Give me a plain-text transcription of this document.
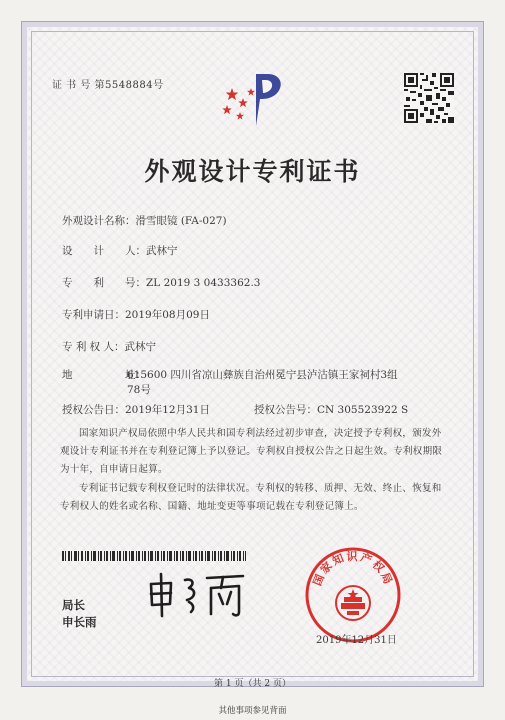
证 书 号 第5548884号
外观设计专利证书
外观设计名称：滑雪眼镜 (FA-027)
设　　计　　人：武林宁
专　　利　　号：ZL 2019 3 0433362.3
专利申请日：2019年08月09日
专 利 权 人：武林宁
地　　　　　址：
615600 四川省凉山彝族自治州冕宁县泸沽镇王家祠村3组
78号
授权公告日：2019年12月31日	授权公告号：CN 305523922 S
国家知识产权局依照中华人民共和国专利法经过初步审查，决定授予专利权，颁发外观设计专利证书并在专利登记簿上予以登记。专利权自授权公告之日起生效。专利权期限为十年，自申请日起算。
专利证书记载专利权登记时的法律状况。专利权的转移、质押、无效、终止、恢复和专利权人的姓名或名称、国籍、地址变更等事项记载在专利登记簿上。
局长
申长雨
国家知识产权局
2019年12月31日
第 1 页（共 2 页）
其他事项参见背面
